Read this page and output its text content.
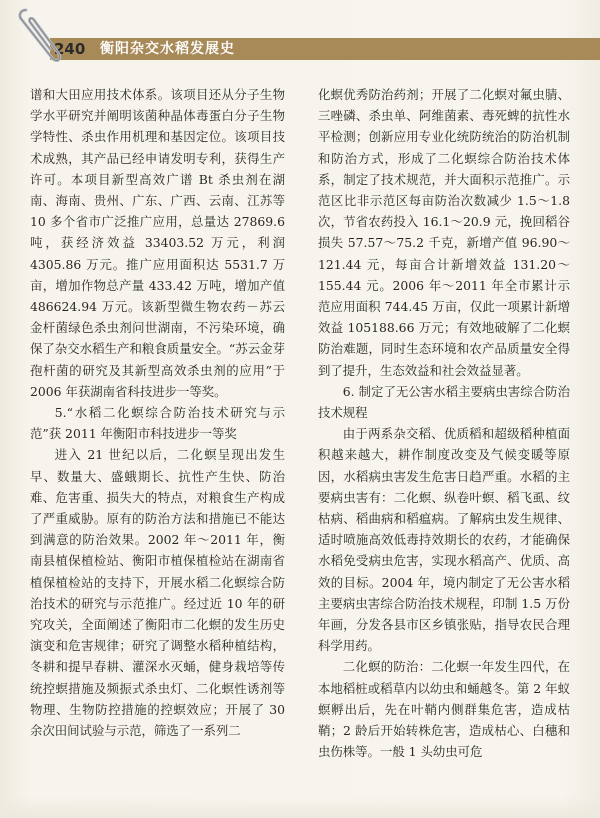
240 衡阳杂交水稻发展史

谱和大田应用技术体系。该项目还从分子生物学水平研究并阐明该菌种晶体毒蛋白分子生物学特性、杀虫作用机理和基因定位。该项目技术成熟，其产品已经申请发明专利，获得生产许可。本项目新型高效广谱 Bt 杀虫剂在湖南、海南、贵州、广东、广西、云南、江苏等 10 多个省市广泛推广应用，总量达 27869.6 吨，获经济效益 33403.52 万元，利润 4305.86 万元。推广应用面积达 5531.7 万亩，增加作物总产量 433.42 万吨，增加产值 486624.94 万元。该新型微生物农药－苏云金杆菌绿色杀虫剂问世湖南，不污染环境，确保了杂交水稻生产和粮食质量安全。“苏云金芽孢杆菌的研究及其新型高效杀虫剂的应用”于 2006 年获湖南省科技进步一等奖。

5.“水稻二化螟综合防治技术研究与示范”获 2011 年衡阳市科技进步一等奖

进入 21 世纪以后，二化螟呈现出发生早、数量大、盛蛾期长、抗性产生快、防治难、危害重、损失大的特点，对粮食生产构成了严重威胁。原有的防治方法和措施已不能达到满意的防治效果。2002 年～2011 年，衡南县植保植检站、衡阳市植保植检站在湖南省植保植检站的支持下，开展水稻二化螟综合防治技术的研究与示范推广。经过近 10 年的研究攻关，全面阐述了衡阳市二化螟的发生历史演变和危害规律；研究了调整水稻种植结构，冬耕和提早春耕、灌深水灭蛹，健身栽培等传统控螟措施及频振式杀虫灯、二化螟性诱剂等物理、生物防控措施的控螟效应；开展了 30 余次田间试验与示范，筛选了一系列二

化螟优秀防治药剂；开展了二化螟对氟虫腈、三唑磷、杀虫单、阿维菌素、毒死蜱的抗性水平检测；创新应用专业化统防统治的防治机制和防治方式，形成了二化螟综合防治技术体系，制定了技术规范，并大面积示范推广。示范区比非示范区每亩防治次数减少 1.5～1.8 次，节省农药投入 16.1～20.9 元，挽回稻谷损失 57.57～75.2 千克，新增产值 96.90～121.44 元，每亩合计新增效益 131.20～155.44 元。2006 年～2011 年全市累计示范应用面积 744.45 万亩，仅此一项累计新增效益 105188.66 万元；有效地破解了二化螟防治难题，同时生态环境和农产品质量安全得到了提升，生态效益和社会效益显著。

6. 制定了无公害水稻主要病虫害综合防治技术规程

由于两系杂交稻、优质稻和超级稻种植面积越来越大，耕作制度改变及气候变暖等原因，水稻病虫害发生危害日趋严重。水稻的主要病虫害有：二化螟、纵卷叶螟、稻飞虱、纹枯病、稻曲病和稻瘟病。了解病虫发生规律、适时喷施高效低毒持效期长的农药，才能确保水稻免受病虫危害，实现水稻高产、优质、高效的目标。2004 年，境内制定了无公害水稻主要病虫害综合防治技术规程，印制 1.5 万份年画，分发各县市区乡镇张贴，指导农民合理科学用药。

二化螟的防治：二化螟一年发生四代，在本地稻桩或稻草内以幼虫和蛹越冬。第 2 年蚁螟孵出后，先在叶鞘内侧群集危害，造成枯鞘；2 龄后开始转株危害，造成枯心、白穗和虫伤株等。一般 1 头幼虫可危
